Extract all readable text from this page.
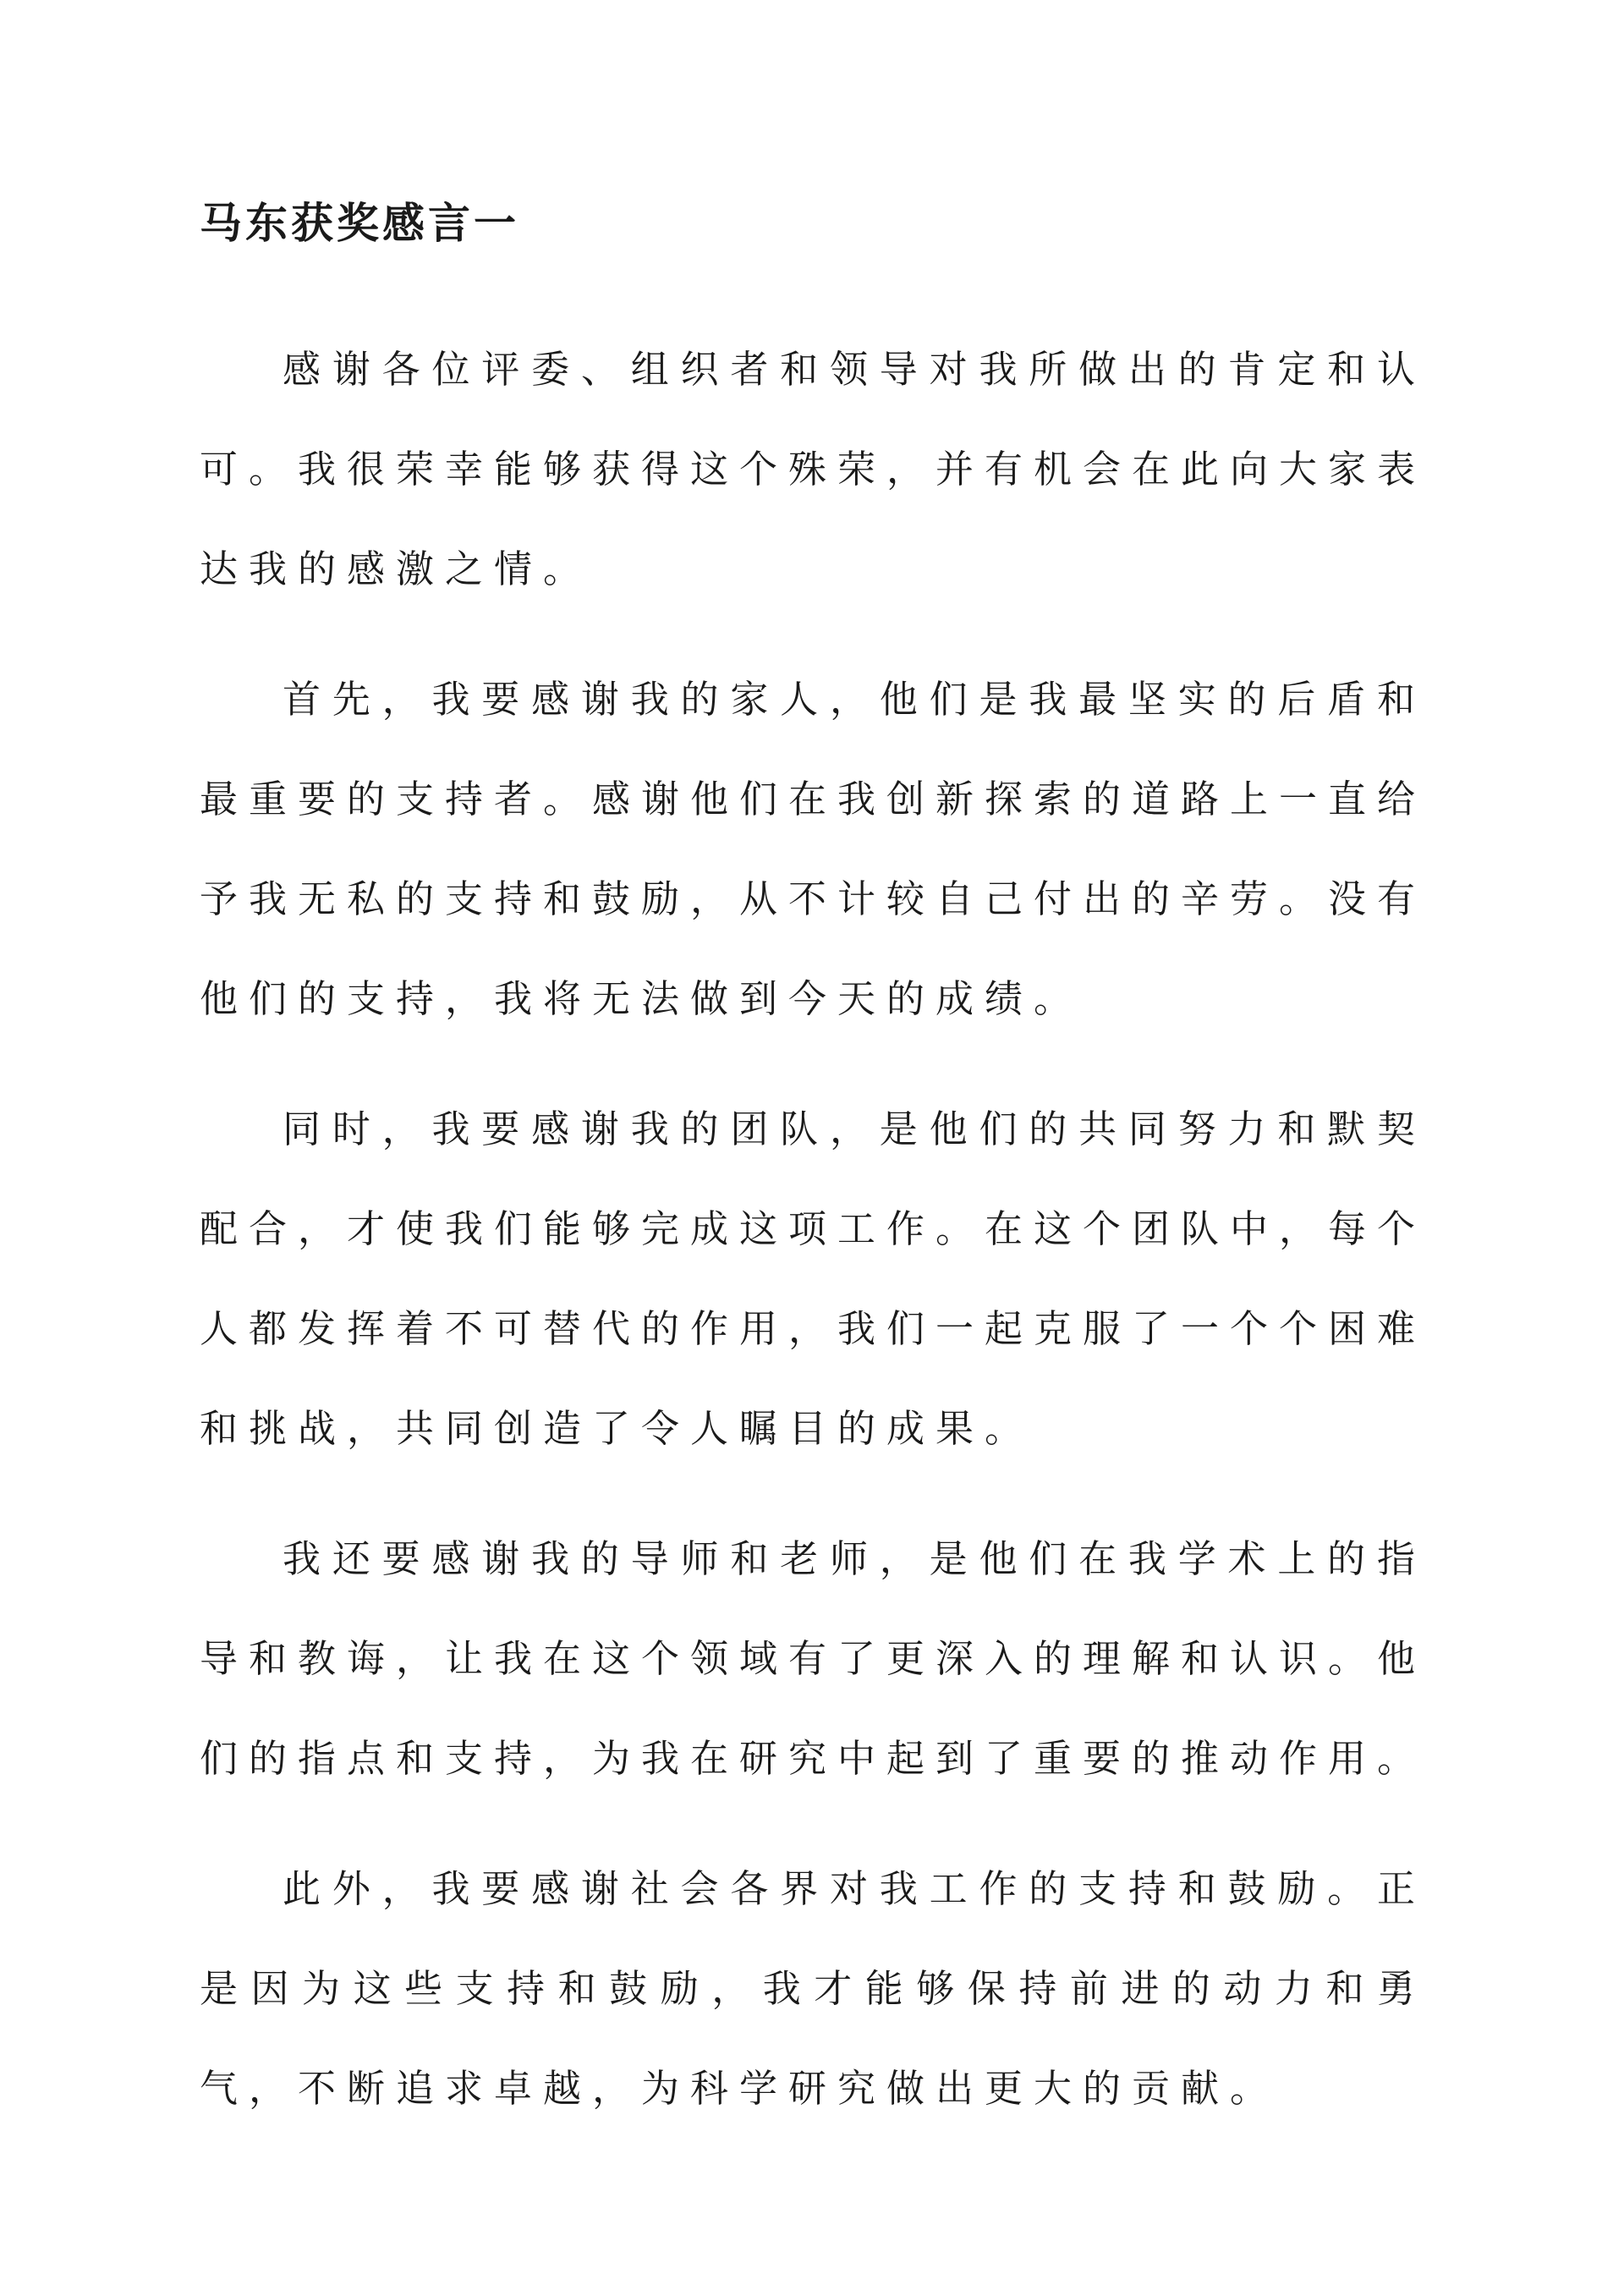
马东获奖感言一

感谢各位评委、组织者和领导对我所做出的肯定和认可。我很荣幸能够获得这个殊荣，并有机会在此向大家表达我的感激之情。

首先，我要感谢我的家人，他们是我最坚实的后盾和最重要的支持者。感谢他们在我创新探索的道路上一直给予我无私的支持和鼓励，从不计较自己付出的辛劳。没有他们的支持，我将无法做到今天的成绩。

同时，我要感谢我的团队，是他们的共同努力和默契配合，才使我们能够完成这项工作。在这个团队中，每个人都发挥着不可替代的作用，我们一起克服了一个个困难和挑战，共同创造了令人瞩目的成果。

我还要感谢我的导师和老师，是他们在我学术上的指导和教诲，让我在这个领域有了更深入的理解和认识。他们的指点和支持，为我在研究中起到了重要的推动作用。

此外，我要感谢社会各界对我工作的支持和鼓励。正是因为这些支持和鼓励，我才能够保持前进的动力和勇气，不断追求卓越，为科学研究做出更大的贡献。
